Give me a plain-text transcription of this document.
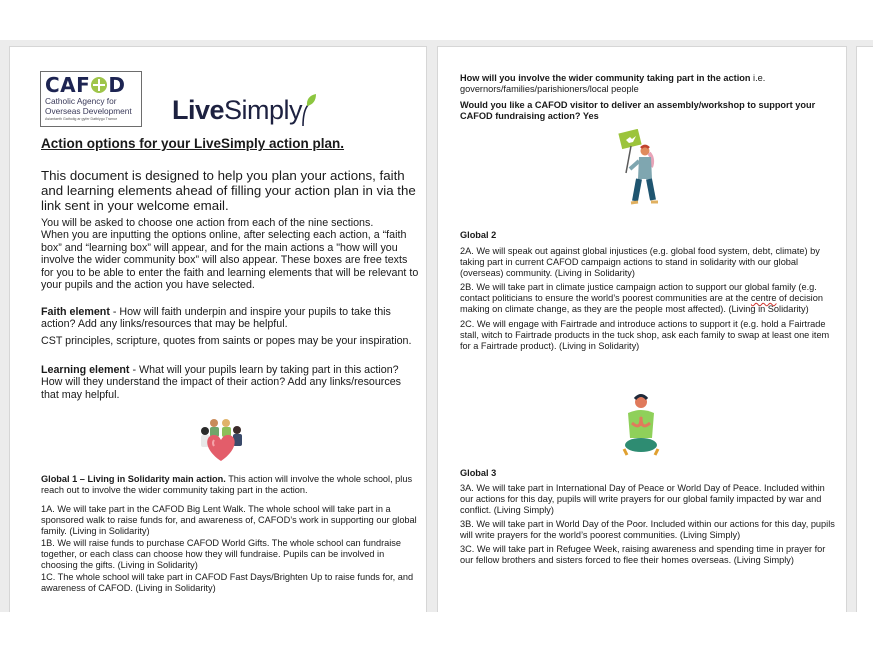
CAF D
Catholic Agency for
Overseas Development
Asiantaeth Gatholig ar gyfer Datblygu Tramor	Live Simply
Action options for your LiveSimply action plan.
This document is designed to help you plan your actions, faith and learning elements ahead of filling your action plan in via the link sent in your welcome email.
You will be asked to choose one action from each of the nine sections.
When you are inputting the options online, after selecting each action, a “faith box” and “learning box” will appear, and for the main actions a "how will you involve the wider community box” will also appear. These boxes are free texts for you to be able to enter the faith and learning elements that will be relevant to your pupils and the action you have selected.
Faith element - How will faith underpin and inspire your pupils to take this action? Add any links/resources that may be helpful.
CST principles, scripture, quotes from saints or popes may be your inspiration.
Learning element - What will your pupils learn by taking part in this action? How will they understand the impact of their action? Add any links/resources that may helpful.
Global 1 – Living in Solidarity main action. This action will involve the whole school, plus reach out to involve the wider community taking part in the action.
1A. We will take part in the CAFOD Big Lent Walk. The whole school will take part in a sponsored walk to raise funds for, and awareness of, CAFOD’s work in supporting our global family. (Living in Solidarity)
1B. We will raise funds to purchase CAFOD World Gifts. The whole school can fundraise together, or each class can choose how they will fundraise. Pupils can be involved in choosing the gifts. (Living in Solidarity)
1C. The whole school will take part in CAFOD Fast Days/Brighten Up to raise funds for, and awareness of CAFOD. (Living in Solidarity)
How will you involve the wider community taking part in the action i.e. governors/families/parishioners/local people
Would you like a CAFOD visitor to deliver an assembly/workshop to support your CAFOD fundraising action? Yes
Global 2
2A. We will speak out against global injustices (e.g. global food system, debt, climate) by taking part in current CAFOD campaign actions to stand in solidarity with our global (overseas) community. (Living in Solidarity)
2B. We will take part in climate justice campaign action to support our global family (e.g. contact politicians to ensure the world’s poorest communities are at the centre of decision making on climate change, as they are the people most affected). (Living in Solidarity)
2C. We will engage with Fairtrade and introduce actions to support it (e.g. hold a Fairtrade stall, witch to Fairtrade products in the tuck shop, ask each family to swap at least one item for a Fairtrade product). (Living in Solidarity)
Global 3
3A. We will take part in International Day of Peace or World Day of Peace. Included within our actions for this day, pupils will write prayers for our global family impacted by war and conflict. (Living Simply)
3B. We will take part in World Day of the Poor. Included within our actions for this day, pupils will write prayers for the world’s poorest communities. (Living Simply)
3C. We will take part in Refugee Week, raising awareness and spending time in prayer for our fellow brothers and sisters forced to flee their homes overseas. (Living Simply)
